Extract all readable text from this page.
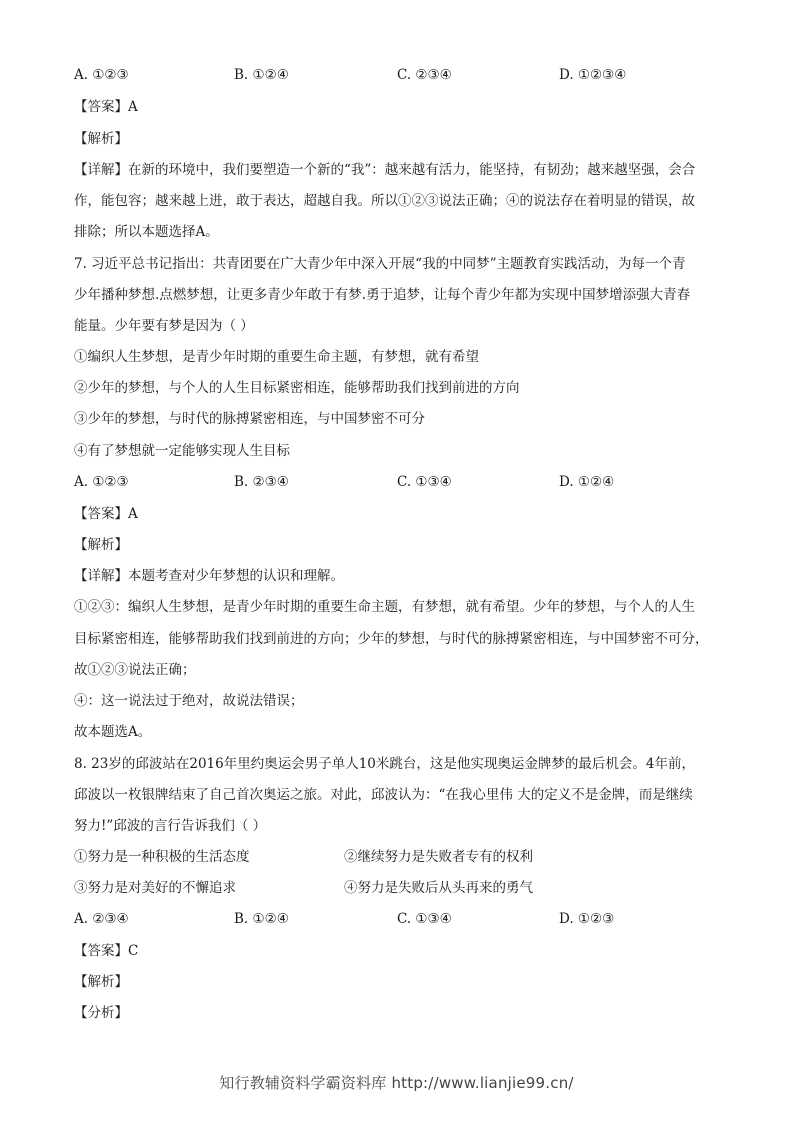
A. ①②③	B. ①②④	C. ②③④	D. ①②③④
【答案】A
【解析】
【详解】在新的环境中，我们要塑造一个新的“我”：越来越有活力，能坚持，有韧劲；越来越坚强，会合
作，能包容；越来越上进，敢于表达，超越自我。所以①②③说法正确；④的说法存在着明显的错误，故
排除；所以本题选择A。
7. 习近平总书记指出：共青团要在广大青少年中深入开展“我的中同梦”主题教育实践活动，为每一个青
少年播种梦想.点燃梦想，让更多青少年敢于有梦.勇于追梦，让每个青少年都为实现中国梦增添强大青春
能量。少年要有梦是因为（ ）
①编织人生梦想，是青少年时期的重要生命主题，有梦想，就有希望
②少年的梦想，与个人的人生目标紧密相连，能够帮助我们找到前进的方向
③少年的梦想，与时代的脉搏紧密相连，与中国梦密不可分
④有了梦想就一定能够实现人生目标
A. ①②③	B. ②③④	C. ①③④	D. ①②④
【答案】A
【解析】
【详解】本题考查对少年梦想的认识和理解。
①②③：编织人生梦想，是青少年时期的重要生命主题，有梦想，就有希望。少年的梦想，与个人的人生
目标紧密相连，能够帮助我们找到前进的方向；少年的梦想，与时代的脉搏紧密相连，与中国梦密不可分，
故①②③说法正确；
④：这一说法过于绝对，故说法错误；
故本题选A。
8. 23岁的邱波站在2016年里约奥运会男子单人10米跳台，这是他实现奥运金牌梦的最后机会。4年前，
邱波以一枚银牌结束了自己首次奥运之旅。对此，邱波认为：“在我心里伟 大的定义不是金牌，而是继续
努力!”邱波的言行告诉我们（ ）
①努力是一种积极的生活态度	②继续努力是失败者专有的权利
③努力是对美好的不懈追求	④努力是失败后从头再来的勇气
A. ②③④	B. ①②④	C. ①③④	D. ①②③
【答案】C
【解析】
【分析】
知行教辅资料学霸资料库 http://www.lianjie99.cn/
